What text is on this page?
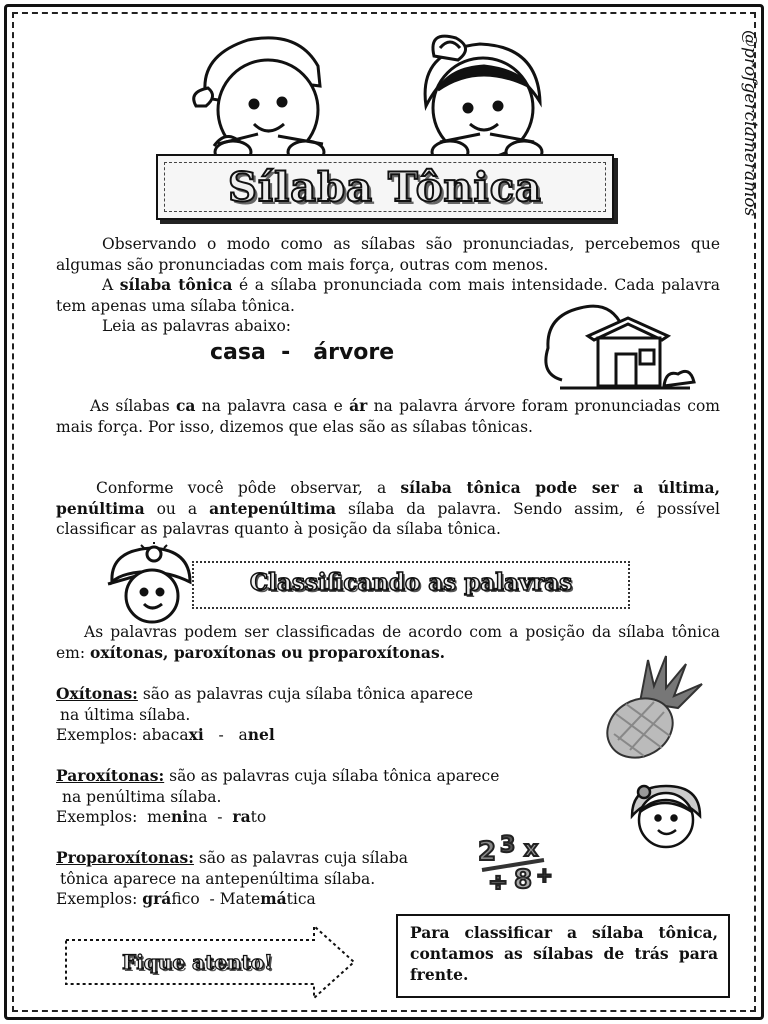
@profgerciameramos
Sílaba Tônica

Observando o modo como as sílabas são pronunciadas, percebemos que algumas são pronunciadas com mais força, outras com menos.

A sílaba tônica é a sílaba pronunciada com mais intensidade. Cada palavra tem apenas uma sílaba tônica.

Leia as palavras abaixo:

casa  -   árvore

As sílabas ca na palavra casa e ár na palavra árvore foram pronunciadas com mais força. Por isso, dizemos que elas são as sílabas tônicas.

Conforme você pôde observar, a sílaba tônica pode ser a última, penúltima ou a antepenúltima sílaba da palavra. Sendo assim, é possível classificar as palavras quanto à posição da sílaba tônica.

Classificando as palavras

As palavras podem ser classificadas de acordo com a posição da sílaba tônica em: oxítonas, paroxítonas ou proparoxítonas.

Oxítonas: são as palavras cuja sílaba tônica aparece
na última sílaba.
Exemplos: abacaxi   -   anel

Paroxítonas: são as palavras cuja sílaba tônica aparece
na penúltima sílaba.
Exemplos:  menina  -  rato

Proparoxítonas: são as palavras cuja sílaba
tônica aparece na antepenúltima sílaba.
Exemplos: gráfico  - Matemática

2 3 x
÷ 8 +
Fique atento!
Para classificar a sílaba tônica, contamos as sílabas de trás para frente.
